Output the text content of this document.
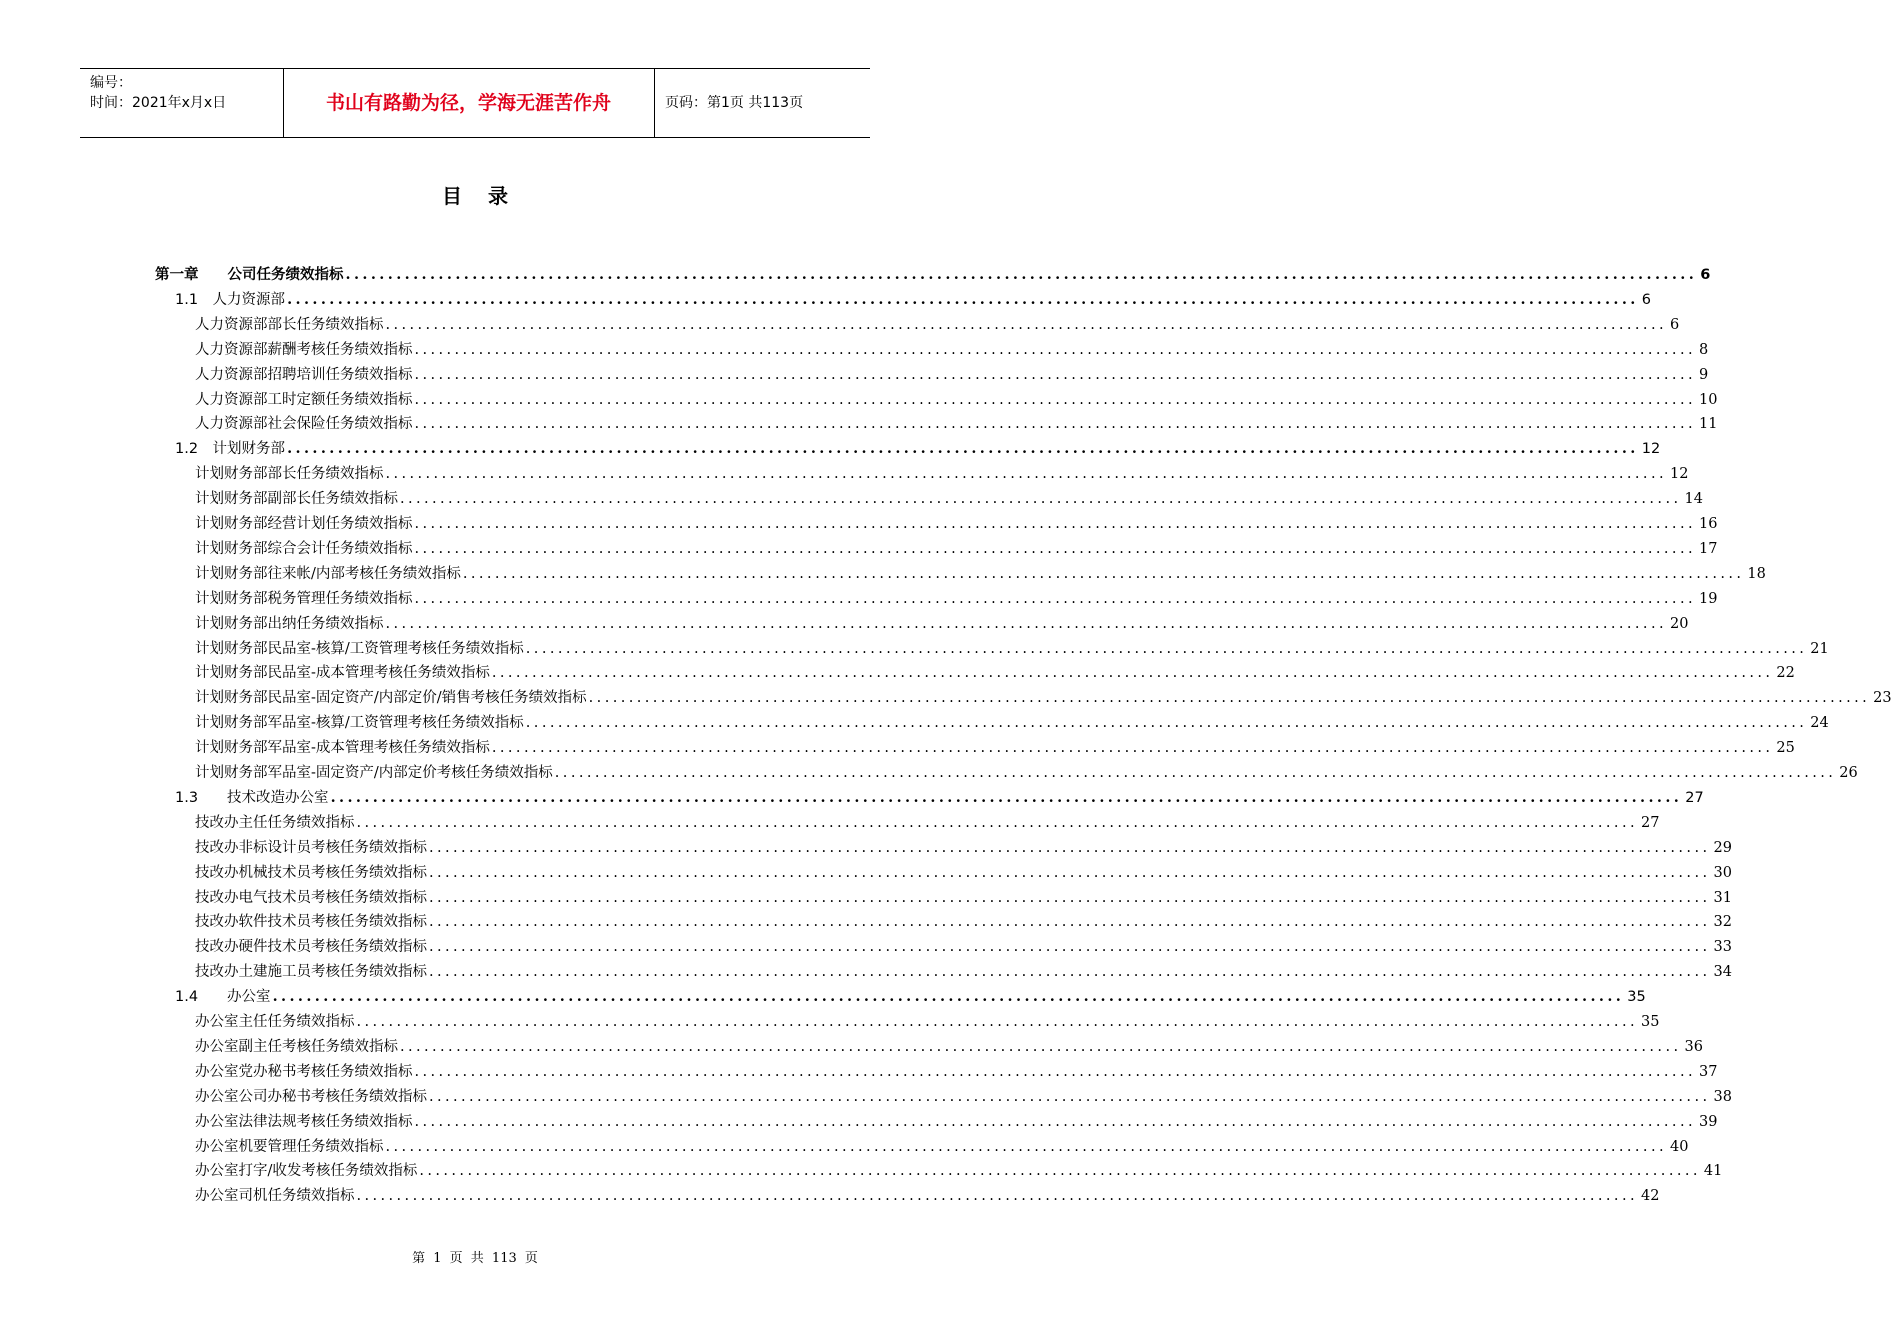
编号：
时间：2021年x月x日	书山有路勤为径，学海无涯苦作舟	页码：第1页 共113页
目录
第一章　　公司任务绩效指标 ................................................................................................................................................................ 6
1.1　人力资源部 ................................................................................................................................................................ 6
人力资源部部长任务绩效指标 ................................................................................................................................................................ 6
人力资源部薪酬考核任务绩效指标 ................................................................................................................................................................ 8
人力资源部招聘培训任务绩效指标 ................................................................................................................................................................ 9
人力资源部工时定额任务绩效指标 ................................................................................................................................................................ 10
人力资源部社会保险任务绩效指标 ................................................................................................................................................................ 11
1.2　计划财务部 ................................................................................................................................................................ 12
计划财务部部长任务绩效指标 ................................................................................................................................................................ 12
计划财务部副部长任务绩效指标 ................................................................................................................................................................ 14
计划财务部经营计划任务绩效指标 ................................................................................................................................................................ 16
计划财务部综合会计任务绩效指标 ................................................................................................................................................................ 17
计划财务部往来帐/内部考核任务绩效指标 ................................................................................................................................................................ 18
计划财务部税务管理任务绩效指标 ................................................................................................................................................................ 19
计划财务部出纳任务绩效指标 ................................................................................................................................................................ 20
计划财务部民品室-核算/工资管理考核任务绩效指标 ................................................................................................................................................................ 21
计划财务部民品室-成本管理考核任务绩效指标 ................................................................................................................................................................ 22
计划财务部民品室-固定资产/内部定价/销售考核任务绩效指标 ................................................................................................................................................................ 23
计划财务部军品室-核算/工资管理考核任务绩效指标 ................................................................................................................................................................ 24
计划财务部军品室-成本管理考核任务绩效指标 ................................................................................................................................................................ 25
计划财务部军品室-固定资产/内部定价考核任务绩效指标 ................................................................................................................................................................ 26
1.3　　技术改造办公室 ................................................................................................................................................................ 27
技改办主任任务绩效指标 ................................................................................................................................................................ 27
技改办非标设计员考核任务绩效指标 ................................................................................................................................................................ 29
技改办机械技术员考核任务绩效指标 ................................................................................................................................................................ 30
技改办电气技术员考核任务绩效指标 ................................................................................................................................................................ 31
技改办软件技术员考核任务绩效指标 ................................................................................................................................................................ 32
技改办硬件技术员考核任务绩效指标 ................................................................................................................................................................ 33
技改办土建施工员考核任务绩效指标 ................................................................................................................................................................ 34
1.4　　办公室 ................................................................................................................................................................ 35
办公室主任任务绩效指标 ................................................................................................................................................................ 35
办公室副主任考核任务绩效指标 ................................................................................................................................................................ 36
办公室党办秘书考核任务绩效指标 ................................................................................................................................................................ 37
办公室公司办秘书考核任务绩效指标 ................................................................................................................................................................ 38
办公室法律法规考核任务绩效指标 ................................................................................................................................................................ 39
办公室机要管理任务绩效指标 ................................................................................................................................................................ 40
办公室打字/收发考核任务绩效指标 ................................................................................................................................................................ 41
办公室司机任务绩效指标 ................................................................................................................................................................ 42
第 1 页 共 113 页
